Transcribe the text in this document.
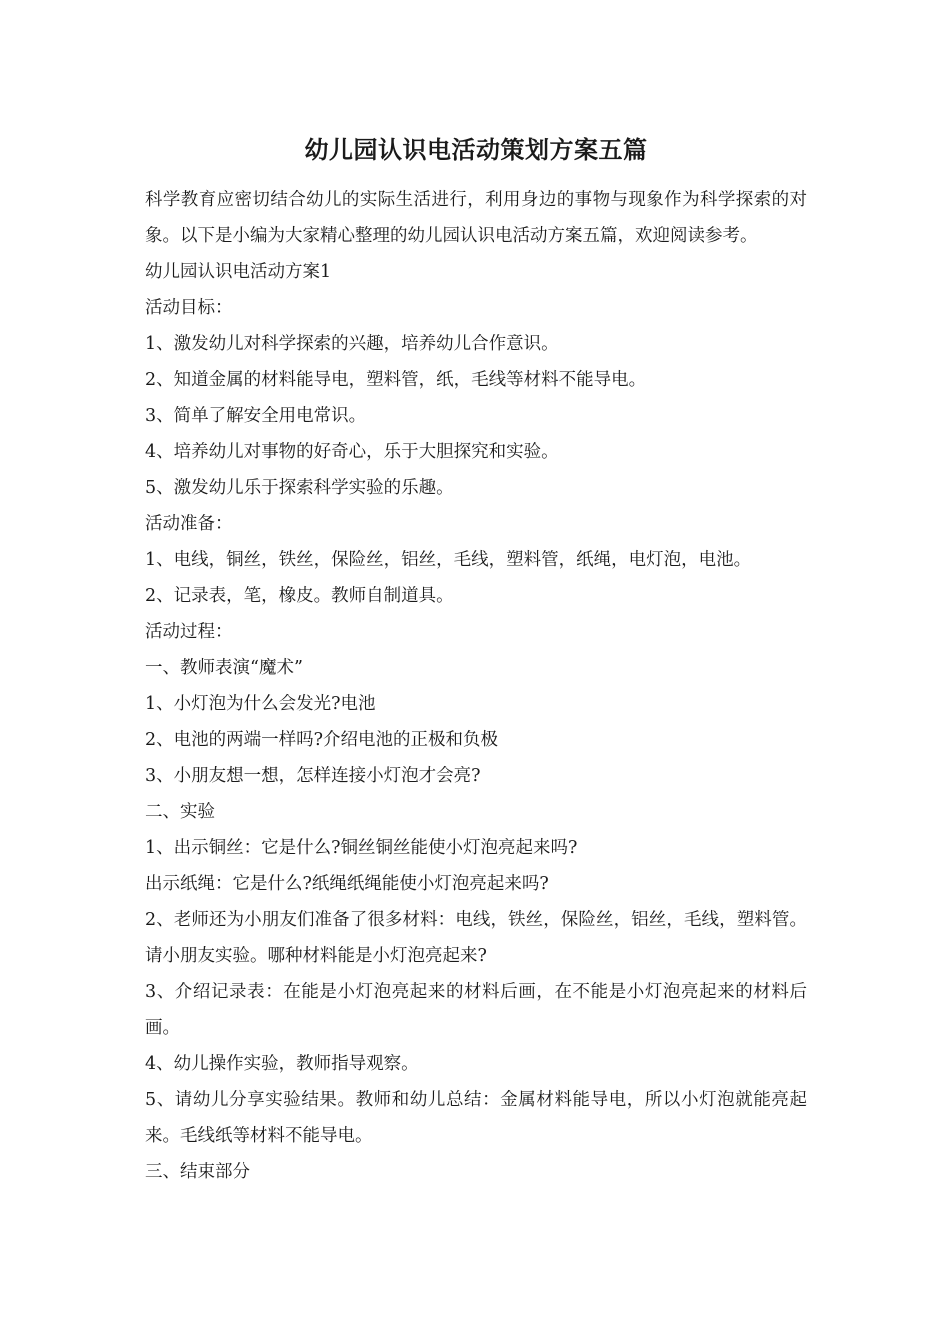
幼儿园认识电活动策划方案五篇

科学教育应密切结合幼儿的实际生活进行，利用身边的事物与现象作为科学探索的对象。以下是小编为大家精心整理的幼儿园认识电活动方案五篇，欢迎阅读参考。

幼儿园认识电活动方案1

活动目标：

1、激发幼儿对科学探索的兴趣，培养幼儿合作意识。

2、知道金属的材料能导电，塑料管，纸，毛线等材料不能导电。

3、简单了解安全用电常识。

4、培养幼儿对事物的好奇心，乐于大胆探究和实验。

5、激发幼儿乐于探索科学实验的乐趣。

活动准备：

1、电线，铜丝，铁丝，保险丝，铝丝，毛线，塑料管，纸绳，电灯泡，电池。

2、记录表，笔，橡皮。教师自制道具。

活动过程：

一、教师表演“魔术”

1、小灯泡为什么会发光?电池

2、电池的两端一样吗?介绍电池的正极和负极

3、小朋友想一想，怎样连接小灯泡才会亮?

二、实验

1、出示铜丝：它是什么?铜丝铜丝能使小灯泡亮起来吗?

出示纸绳：它是什么?纸绳纸绳能使小灯泡亮起来吗?

2、老师还为小朋友们准备了很多材料：电线，铁丝，保险丝，铝丝，毛线，塑料管。请小朋友实验。哪种材料能是小灯泡亮起来?

3、介绍记录表：在能是小灯泡亮起来的材料后画，在不能是小灯泡亮起来的材料后画。

4、幼儿操作实验，教师指导观察。

5、请幼儿分享实验结果。教师和幼儿总结：金属材料能导电，所以小灯泡就能亮起来。毛线纸等材料不能导电。

三、结束部分
